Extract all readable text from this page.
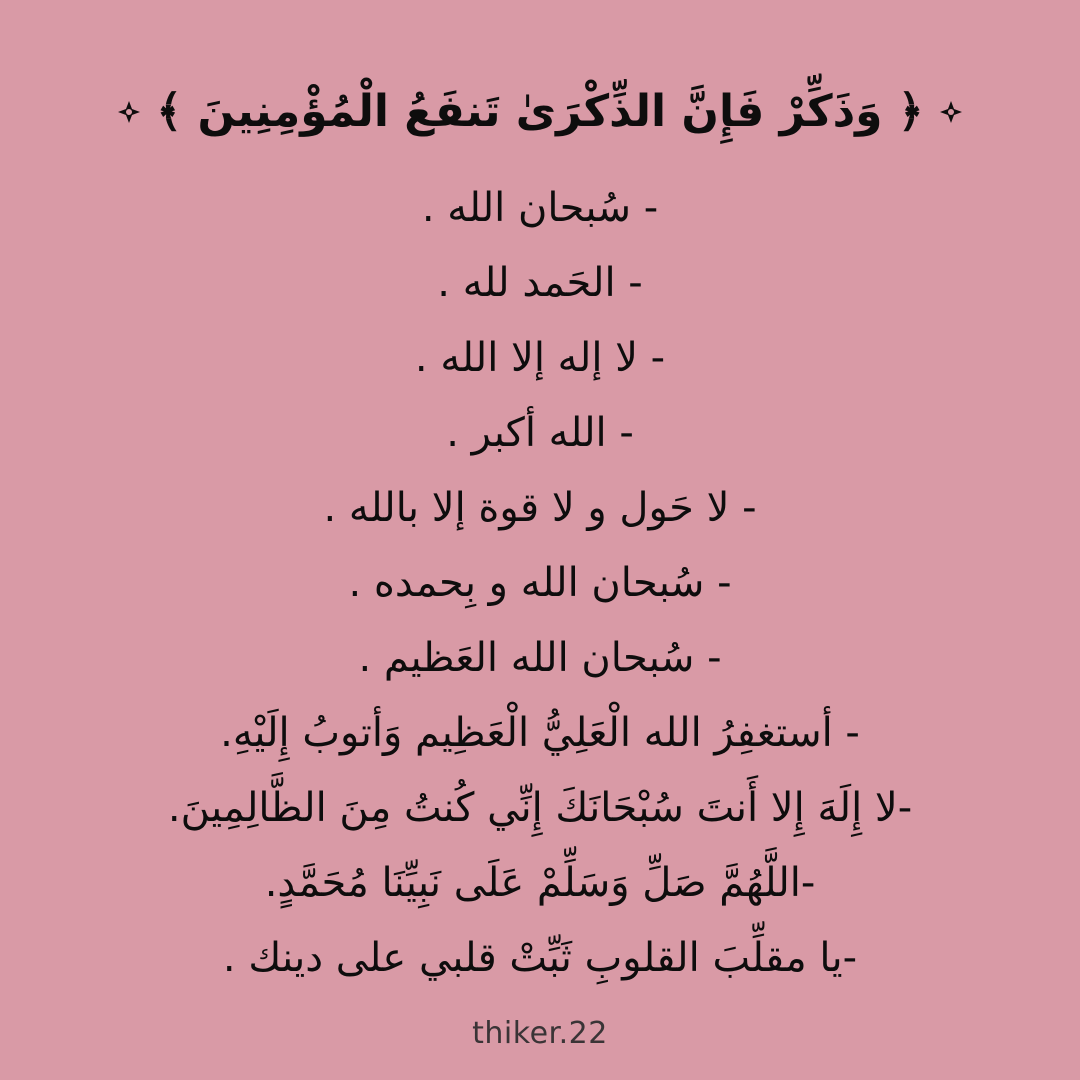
﴿ وَذَكِّرْ فَإِنَّ الذِّكْرَىٰ تَنفَعُ الْمُؤْمِنِينَ ﴾
- سُبحان الله .
- الحَمد لله .
- لا إله إلا الله .
- الله أكبر .
- لا حَول و لا قوة إلا بالله .
- سُبحان الله و بِحمده .
- سُبحان الله العَظيم .
- أستغفِرُ الله الْعَلِيُّ الْعَظِيم وَأتوبُ إِلَيْهِ.
-لا إِلَهَ إِلا أَنتَ سُبْحَانَكَ إِنِّي كُنتُ مِنَ الظَّالِمِينَ.
-اللَّهُمَّ صَلِّ وَسَلِّمْ عَلَى نَبِيِّنَا مُحَمَّدٍ.
-يا مقلِّبَ القلوبِ ثَبِّتْ قلبي على دينك .
thiker.22
